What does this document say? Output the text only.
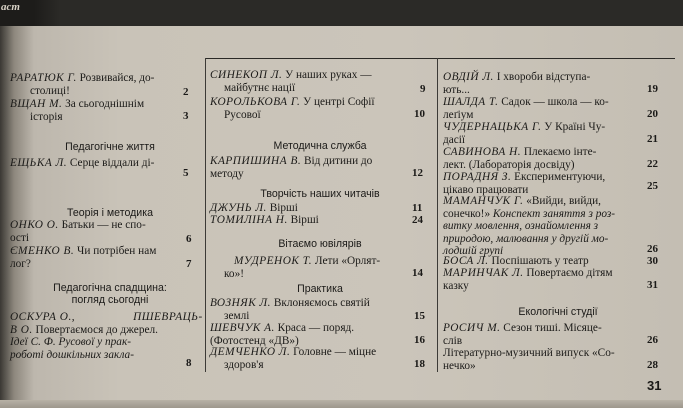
аст
РАРАТЮК Г. Розвивайся, до-
столиці!	2
ВЩАН М. За сьогоднішнім
історія	3
Педагогічне життя
ЕЩЬКА Л. Серце віддали ді-
5
Теорія і методика
ОНКО О. Батьки — не спо-
ості	6
ЄМЕНКО В. Чи потрібен нам
лог?	7
Педагогічна спадщина:
погляд сьогодні
ОСКУРА О.,	ПШЕВРАЦЬ-
В О. Повертаємося до джерел.
Ідеї С. Ф. Русової у прак-
роботі дошкільних закла-
8
СИНЕКОП Л. У наших руках —
майбутнє нації	9
КОРОЛЬКОВА Г. У центрі Софії
Русової	10
Методична служба
КАРПИШИНА В. Від дитини до
методу	12
Творчість наших читачів
ДЖУНЬ Л. Вірші	11
ТОМИЛІНА Н. Вірші	24
Вітаємо ювілярів
МУДРЕНОК Т. Лети «Орлят-
ко»!	14
Практика
ВОЗНЯК Л. Вклоняємось святій
землі	15
ШЕВЧУК А. Краса — поряд.
(Фотостенд «ДВ»)	16
ДЕМЧЕНКО Л. Головне — міцне
здоров'я	18
ОВДІЙ Л. І хвороби відступа-
ють...	19
ШАЛДА Т. Садок — школа — ко-
леґіум	20
ЧУДЕРНАЦЬКА Г. У Країні Чу-
дасії	21
САВИНОВА Н. Плекаємо інте-
лект. (Лабораторія досвіду)	22
ПОРАДНЯ З. Експериментуючи,
цікаво працювати	25
МАМАНЧУК Г. «Вийди, вийди,
сонечко!» Конспект заняття з роз-
витку мовлення, ознайомлення з
природою, малювання у другій мо-
лодшій групі	26
БОСА Л. Поспішають у театр	30
МАРИНЧАК Л. Повертаємо дітям
казку	31
Екологічні студії
РОСИЧ М. Сезон тиші. Місяце-
слів	26
Літературно-музичний випуск «Со-
нечко»	28
31
